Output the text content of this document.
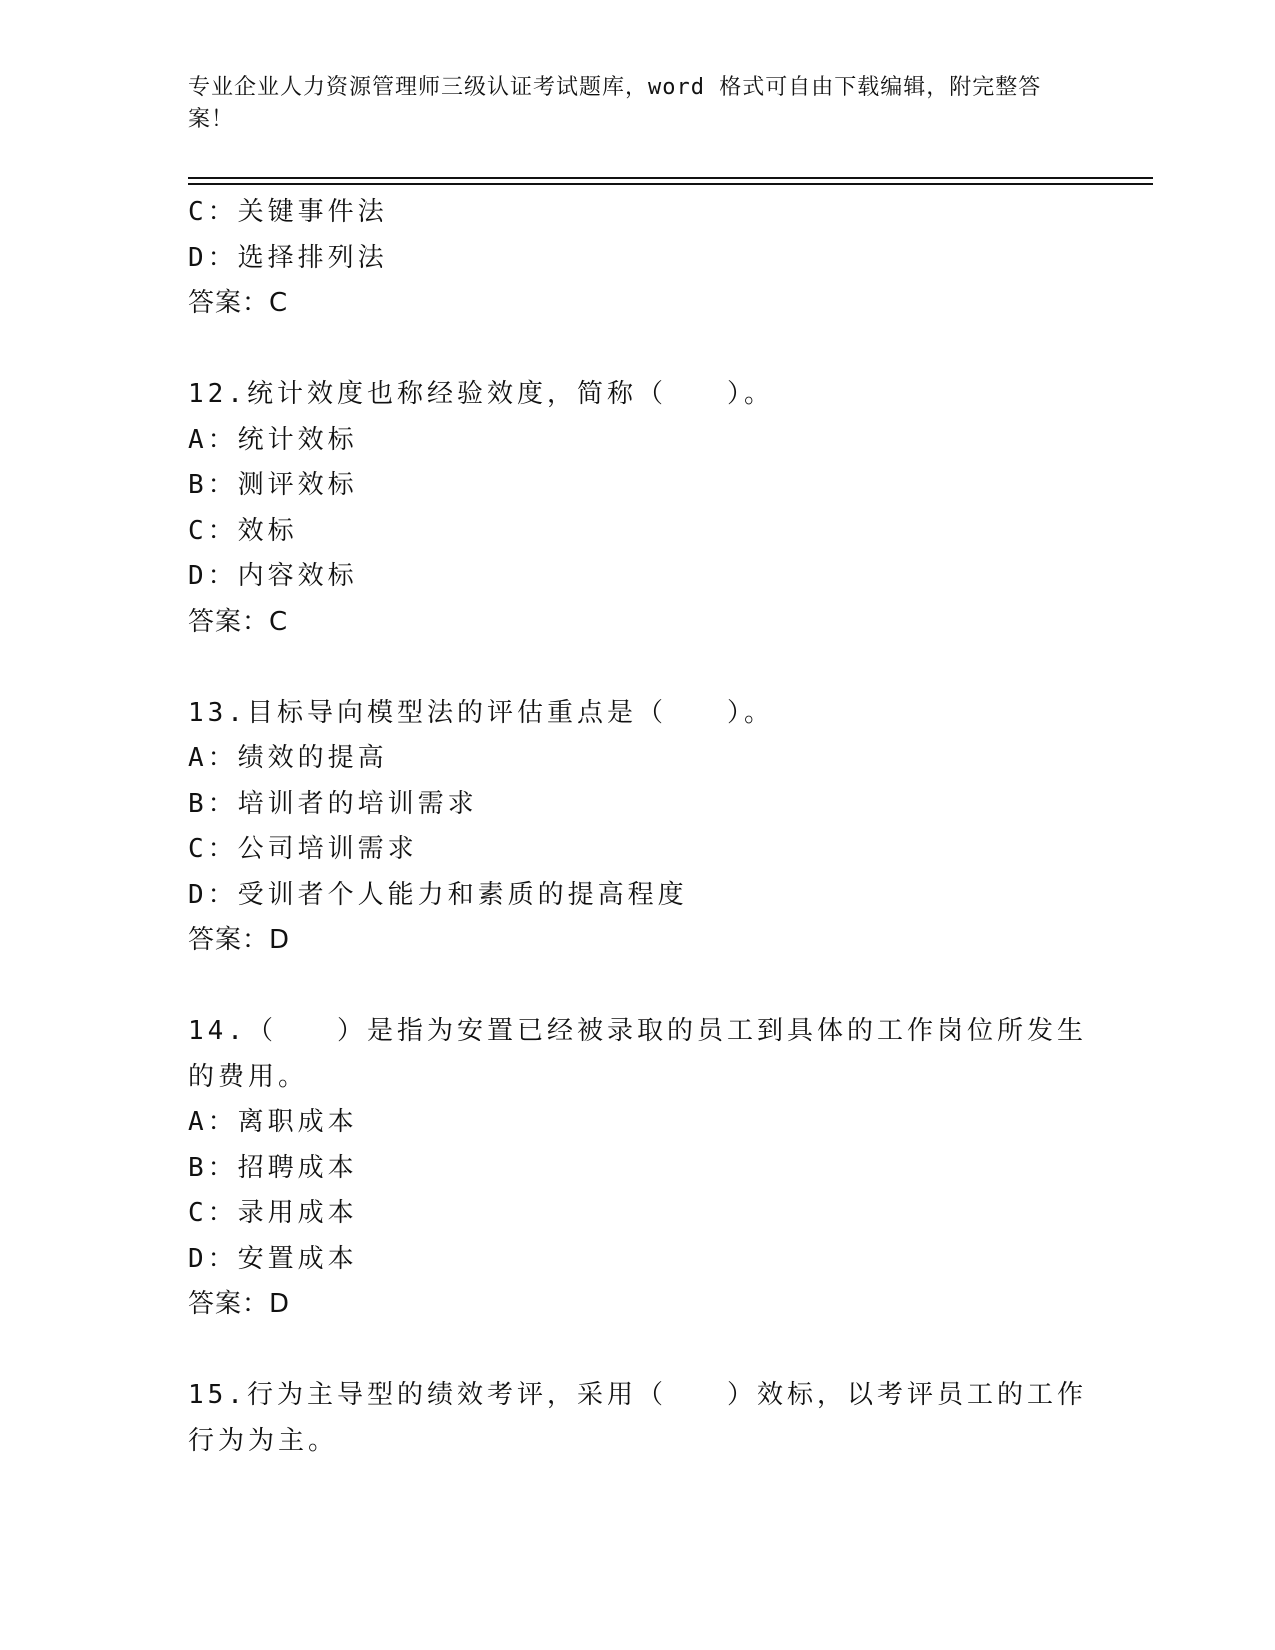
专业企业人力资源管理师三级认证考试题库，word 格式可自由下载编辑，附完整答案！
C：关键事件法
D：选择排列法
答案：C
12.统计效度也称经验效度，简称（　　）。
A：统计效标
B：测评效标
C：效标
D：内容效标
答案：C
13.目标导向模型法的评估重点是（　　）。
A：绩效的提高
B：培训者的培训需求
C：公司培训需求
D：受训者个人能力和素质的提高程度
答案：D
14.（　　）是指为安置已经被录取的员工到具体的工作岗位所发生的费用。
A：离职成本
B：招聘成本
C：录用成本
D：安置成本
答案：D
15.行为主导型的绩效考评，采用（　　）效标，以考评员工的工作行为为主。
